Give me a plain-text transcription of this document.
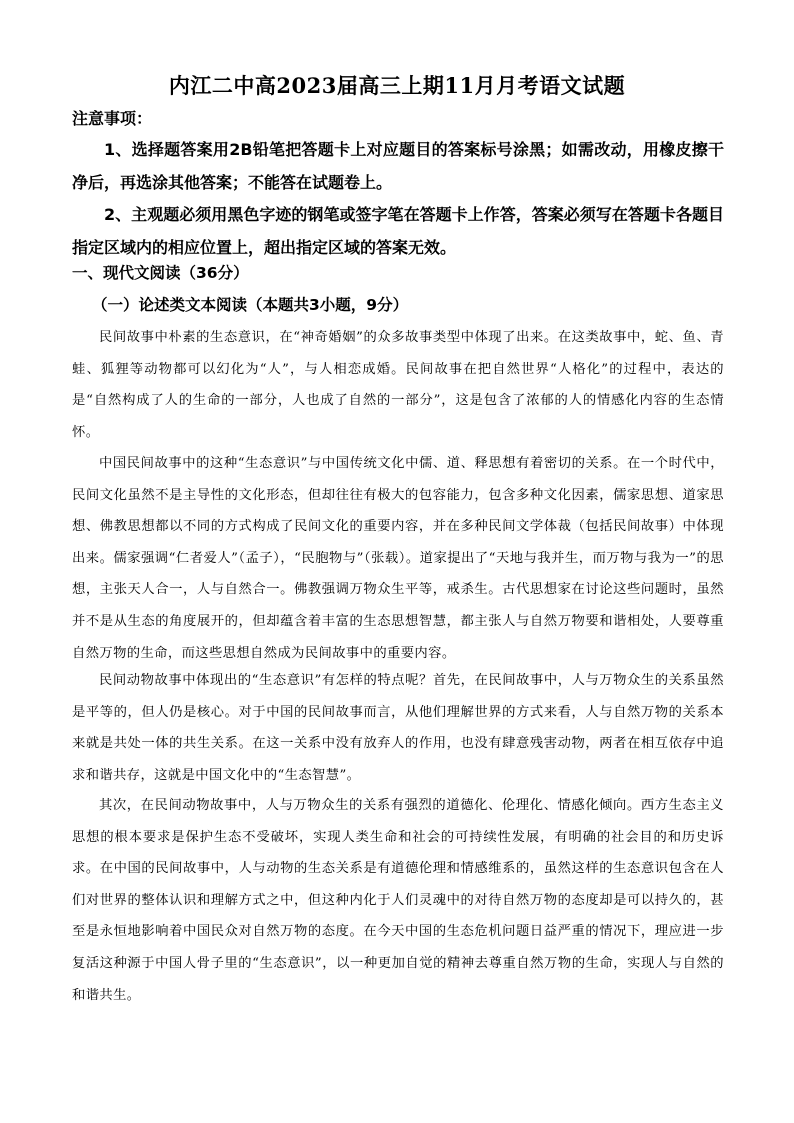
内江二中高2023届高三上期11月月考语文试题
注意事项：
1、选择题答案用2B铅笔把答题卡上对应题目的答案标号涂黑；如需改动，用橡皮擦干净后，再选涂其他答案；不能答在试题卷上。
2、主观题必须用黑色字迹的钢笔或签字笔在答题卡上作答，答案必须写在答题卡各题目指定区域内的相应位置上，超出指定区域的答案无效。
一、现代文阅读（36分）
（一）论述类文本阅读（本题共3小题，9分）
民间故事中朴素的生态意识，在“神奇婚姻”的众多故事类型中体现了出来。在这类故事中，蛇、鱼、青蛙、狐狸等动物都可以幻化为“人”，与人相恋成婚。民间故事在把自然世界“人格化”的过程中，表达的是“自然构成了人的生命的一部分，人也成了自然的一部分”，这是包含了浓郁的人的情感化内容的生态情怀。
中国民间故事中的这种“生态意识”与中国传统文化中儒、道、释思想有着密切的关系。在一个时代中，民间文化虽然不是主导性的文化形态，但却往往有极大的包容能力，包含多种文化因素，儒家思想、道家思想、佛教思想都以不同的方式构成了民间文化的重要内容，并在多种民间文学体裁（包括民间故事）中体现出来。儒家强调“仁者爱人”（孟子），“民胞物与”（张载）。道家提出了“天地与我并生，而万物与我为一”的思想，主张天人合一，人与自然合一。佛教强调万物众生平等，戒杀生。古代思想家在讨论这些问题时，虽然并不是从生态的角度展开的，但却蕴含着丰富的生态思想智慧，都主张人与自然万物要和谐相处，人要尊重自然万物的生命，而这些思想自然成为民间故事中的重要内容。
民间动物故事中体现出的“生态意识”有怎样的特点呢？首先，在民间故事中，人与万物众生的关系虽然是平等的，但人仍是核心。对于中国的民间故事而言，从他们理解世界的方式来看，人与自然万物的关系本来就是共处一体的共生关系。在这一关系中没有放弃人的作用，也没有肆意残害动物，两者在相互依存中追求和谐共存，这就是中国文化中的“生态智慧”。
其次，在民间动物故事中，人与万物众生的关系有强烈的道德化、伦理化、情感化倾向。西方生态主义思想的根本要求是保护生态不受破坏，实现人类生命和社会的可持续性发展，有明确的社会目的和历史诉求。在中国的民间故事中，人与动物的生态关系是有道德伦理和情感维系的，虽然这样的生态意识包含在人们对世界的整体认识和理解方式之中，但这种内化于人们灵魂中的对待自然万物的态度却是可以持久的，甚至是永恒地影响着中国民众对自然万物的态度。在今天中国的生态危机问题日益严重的情况下，理应进一步复活这种源于中国人骨子里的“生态意识”，以一种更加自觉的精神去尊重自然万物的生命，实现人与自然的和谐共生。
